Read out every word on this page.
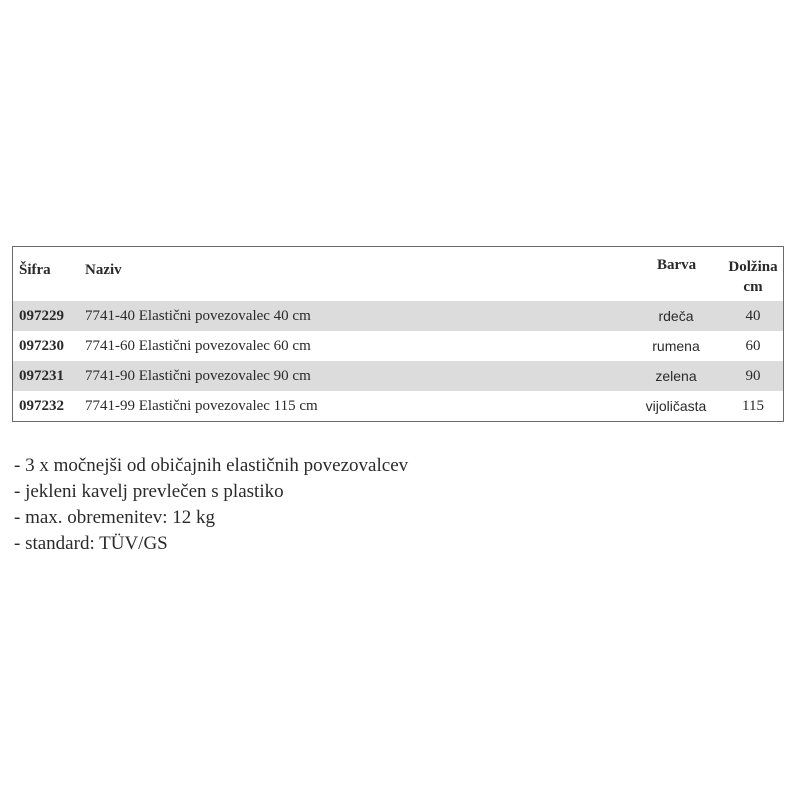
Šifra Naziv	Barva Dolžina
cm
097229 7741-40 Elastični povezovalec 40 cm	rdeča	40
097230 7741-60 Elastični povezovalec 60 cm	rumena	60
097231 7741-90 Elastični povezovalec 90 cm	zelena	90
097232 7741-99 Elastični povezovalec 115 cm	vijoličasta	115
- 3 x močnejši od običajnih elastičnih povezovalcev
- jekleni kavelj prevlečen s plastiko
- max. obremenitev: 12 kg
- standard: TÜV/GS
